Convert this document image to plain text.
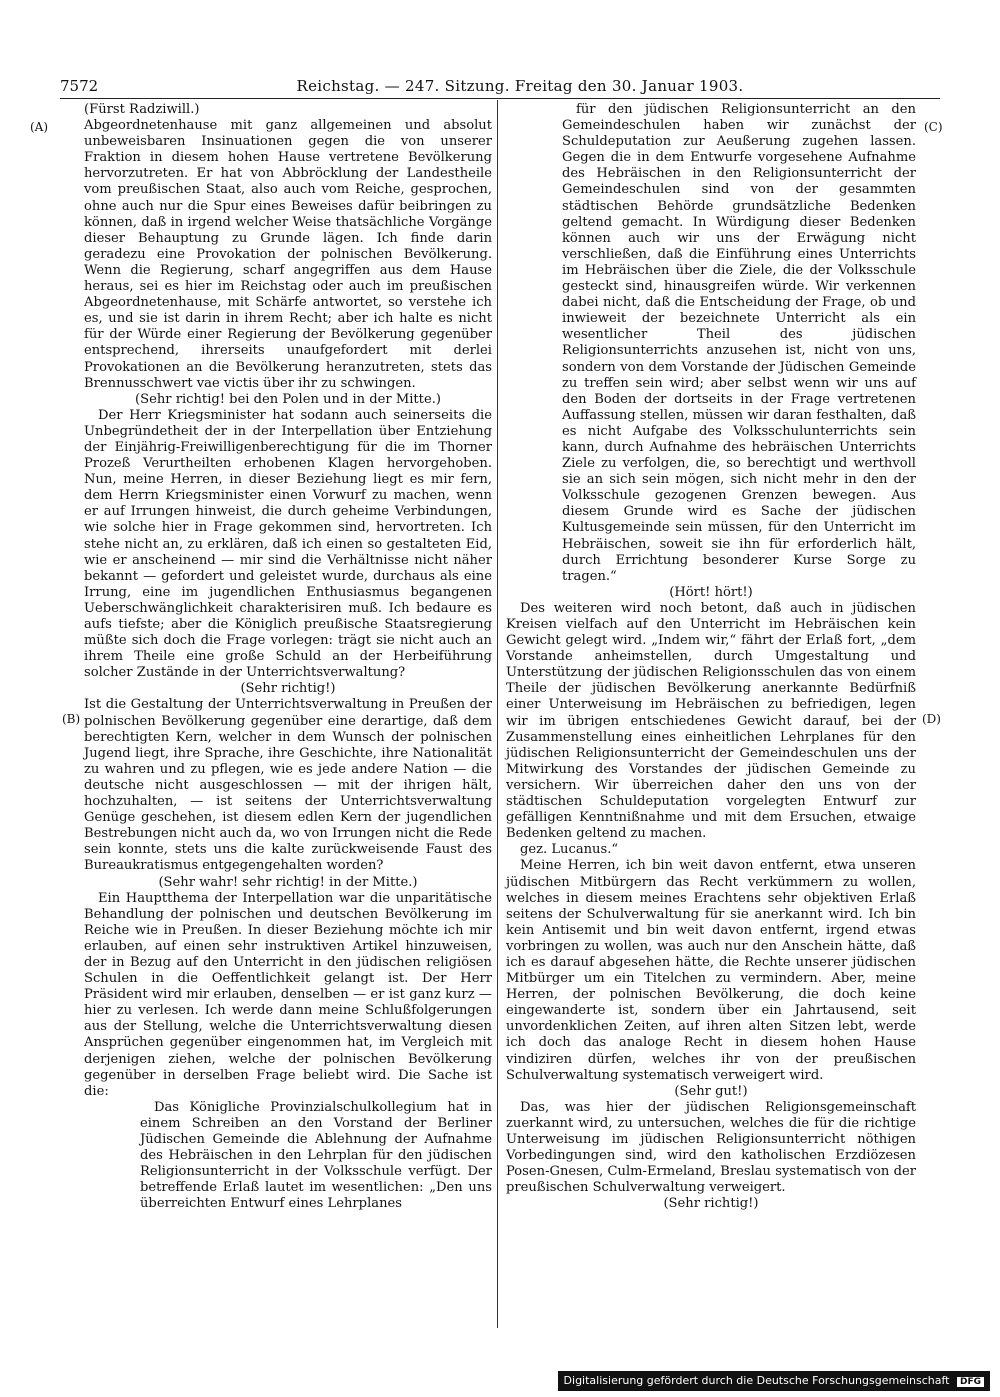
7572	Reichstag. — 247. Sitzung. Freitag den 30. Januar 1903.
(A)
(B)
(C)
(D)

(Fürst Radziwill.)

Abgeordnetenhause mit ganz allgemeinen und absolut unbeweisbaren Insinuationen gegen die von unserer Fraktion in diesem hohen Hause vertretene Bevölkerung hervorzutreten. Er hat von Abbröcklung der Landestheile vom preußischen Staat, also auch vom Reiche, gesprochen, ohne auch nur die Spur eines Beweises dafür beibringen zu können, daß in irgend welcher Weise thatsächliche Vorgänge dieser Behauptung zu Grunde lägen. Ich finde darin geradezu eine Provokation der polnischen Bevölkerung. Wenn die Regierung, scharf angegriffen aus dem Hause heraus, sei es hier im Reichstag oder auch im preußischen Abgeordnetenhause, mit Schärfe antwortet, so verstehe ich es, und sie ist darin in ihrem Recht; aber ich halte es nicht für der Würde einer Regierung der Bevölkerung gegenüber entsprechend, ihrerseits unaufgefordert mit derlei Provokationen an die Bevölkerung heranzutreten, stets das Brennusschwert vae victis über ihr zu schwingen.

(Sehr richtig! bei den Polen und in der Mitte.)

Der Herr Kriegsminister hat sodann auch seinerseits die Unbegründetheit der in der Interpellation über Entziehung der Einjährig-Freiwilligenberechtigung für die im Thorner Prozeß Verurtheilten erhobenen Klagen hervorgehoben. Nun, meine Herren, in dieser Beziehung liegt es mir fern, dem Herrn Kriegsminister einen Vorwurf zu machen, wenn er auf Irrungen hinweist, die durch geheime Verbindungen, wie solche hier in Frage gekommen sind, hervortreten. Ich stehe nicht an, zu erklären, daß ich einen so gestalteten Eid, wie er anscheinend — mir sind die Verhältnisse nicht näher bekannt — gefordert und geleistet wurde, durchaus als eine Irrung, eine im jugendlichen Enthusiasmus begangenen Ueberschwänglichkeit charakterisiren muß. Ich bedaure es aufs tiefste; aber die Königlich preußische Staatsregierung müßte sich doch die Frage vorlegen: trägt sie nicht auch an ihrem Theile eine große Schuld an der Herbeiführung solcher Zustände in der Unterrichtsverwaltung?

(Sehr richtig!)

Ist die Gestaltung der Unterrichtsverwaltung in Preußen der polnischen Bevölkerung gegenüber eine derartige, daß dem berechtigten Kern, welcher in dem Wunsch der polnischen Jugend liegt, ihre Sprache, ihre Geschichte, ihre Nationalität zu wahren und zu pflegen, wie es jede andere Nation — die deutsche nicht ausgeschlossen — mit der ihrigen hält, hochzuhalten, — ist seitens der Unterrichtsverwaltung Genüge geschehen, ist diesem edlen Kern der jugendlichen Bestrebungen nicht auch da, wo von Irrungen nicht die Rede sein konnte, stets uns die kalte zurückweisende Faust des Bureaukratismus entgegengehalten worden?

(Sehr wahr! sehr richtig! in der Mitte.)

Ein Hauptthema der Interpellation war die unparitätische Behandlung der polnischen und deutschen Bevölkerung im Reiche wie in Preußen. In dieser Beziehung möchte ich mir erlauben, auf einen sehr instruktiven Artikel hinzuweisen, der in Bezug auf den Unterricht in den jüdischen religiösen Schulen in die Oeffentlichkeit gelangt ist. Der Herr Präsident wird mir erlauben, denselben — er ist ganz kurz — hier zu verlesen. Ich werde dann meine Schlußfolgerungen aus der Stellung, welche die Unterrichtsverwaltung diesen Ansprüchen gegenüber eingenommen hat, im Vergleich mit derjenigen ziehen, welche der polnischen Bevölkerung gegenüber in derselben Frage beliebt wird. Die Sache ist die:

Das Königliche Provinzialschulkollegium hat in einem Schreiben an den Vorstand der Berliner Jüdischen Gemeinde die Ablehnung der Aufnahme des Hebräischen in den Lehrplan für den jüdischen Religionsunterricht in der Volksschule verfügt. Der betreffende Erlaß lautet im wesentlichen: „Den uns überreichten Entwurf eines Lehrplanes

für den jüdischen Religionsunterricht an den Gemeindeschulen haben wir zunächst der Schuldeputation zur Aeußerung zugehen lassen. Gegen die in dem Entwurfe vorgesehene Aufnahme des Hebräischen in den Religionsunterricht der Gemeindeschulen sind von der gesammten städtischen Behörde grundsätzliche Bedenken geltend gemacht. In Würdigung dieser Bedenken können auch wir uns der Erwägung nicht verschließen, daß die Einführung eines Unterrichts im Hebräischen über die Ziele, die der Volksschule gesteckt sind, hinausgreifen würde. Wir verkennen dabei nicht, daß die Entscheidung der Frage, ob und inwieweit der bezeichnete Unterricht als ein wesentlicher Theil des jüdischen Religionsunterrichts anzusehen ist, nicht von uns, sondern von dem Vorstande der Jüdischen Gemeinde zu treffen sein wird; aber selbst wenn wir uns auf den Boden der dortseits in der Frage vertretenen Auffassung stellen, müssen wir daran festhalten, daß es nicht Aufgabe des Volksschulunterrichts sein kann, durch Aufnahme des hebräischen Unterrichts Ziele zu verfolgen, die, so berechtigt und werthvoll sie an sich sein mögen, sich nicht mehr in den der Volksschule gezogenen Grenzen bewegen. Aus diesem Grunde wird es Sache der jüdischen Kultusgemeinde sein müssen, für den Unterricht im Hebräischen, soweit sie ihn für erforderlich hält, durch Errichtung besonderer Kurse Sorge zu tragen.“

(Hört! hört!)

Des weiteren wird noch betont, daß auch in jüdischen Kreisen vielfach auf den Unterricht im Hebräischen kein Gewicht gelegt wird. „Indem wir,“ fährt der Erlaß fort, „dem Vorstande anheimstellen, durch Umgestaltung und Unterstützung der jüdischen Religionsschulen das von einem Theile der jüdischen Bevölkerung anerkannte Bedürfniß einer Unterweisung im Hebräischen zu befriedigen, legen wir im übrigen entschiedenes Gewicht darauf, bei der Zusammenstellung eines einheitlichen Lehrplanes für den jüdischen Religionsunterricht der Gemeindeschulen uns der Mitwirkung des Vorstandes der jüdischen Gemeinde zu versichern. Wir überreichen daher den uns von der städtischen Schuldeputation vorgelegten Entwurf zur gefälligen Kenntnißnahme und mit dem Ersuchen, etwaige Bedenken geltend zu machen.

gez. Lucanus.“

Meine Herren, ich bin weit davon entfernt, etwa unseren jüdischen Mitbürgern das Recht verkümmern zu wollen, welches in diesem meines Erachtens sehr objektiven Erlaß seitens der Schulverwaltung für sie anerkannt wird. Ich bin kein Antisemit und bin weit davon entfernt, irgend etwas vorbringen zu wollen, was auch nur den Anschein hätte, daß ich es darauf abgesehen hätte, die Rechte unserer jüdischen Mitbürger um ein Titelchen zu vermindern. Aber, meine Herren, der polnischen Bevölkerung, die doch keine eingewanderte ist, sondern über ein Jahrtausend, seit unvordenklichen Zeiten, auf ihren alten Sitzen lebt, werde ich doch das analoge Recht in diesem hohen Hause vindiziren dürfen, welches ihr von der preußischen Schulverwaltung systematisch verweigert wird.

(Sehr gut!)

Das, was hier der jüdischen Religionsgemeinschaft zuerkannt wird, zu untersuchen, welches die für die richtige Unterweisung im jüdischen Religionsunterricht nöthigen Vorbedingungen sind, wird den katholischen Erzdiözesen Posen-Gnesen, Culm-Ermeland, Breslau systematisch von der preußischen Schulverwaltung verweigert.

(Sehr richtig!)

Digitalisierung gefördert durch die Deutsche Forschungsgemeinschaft DFG
